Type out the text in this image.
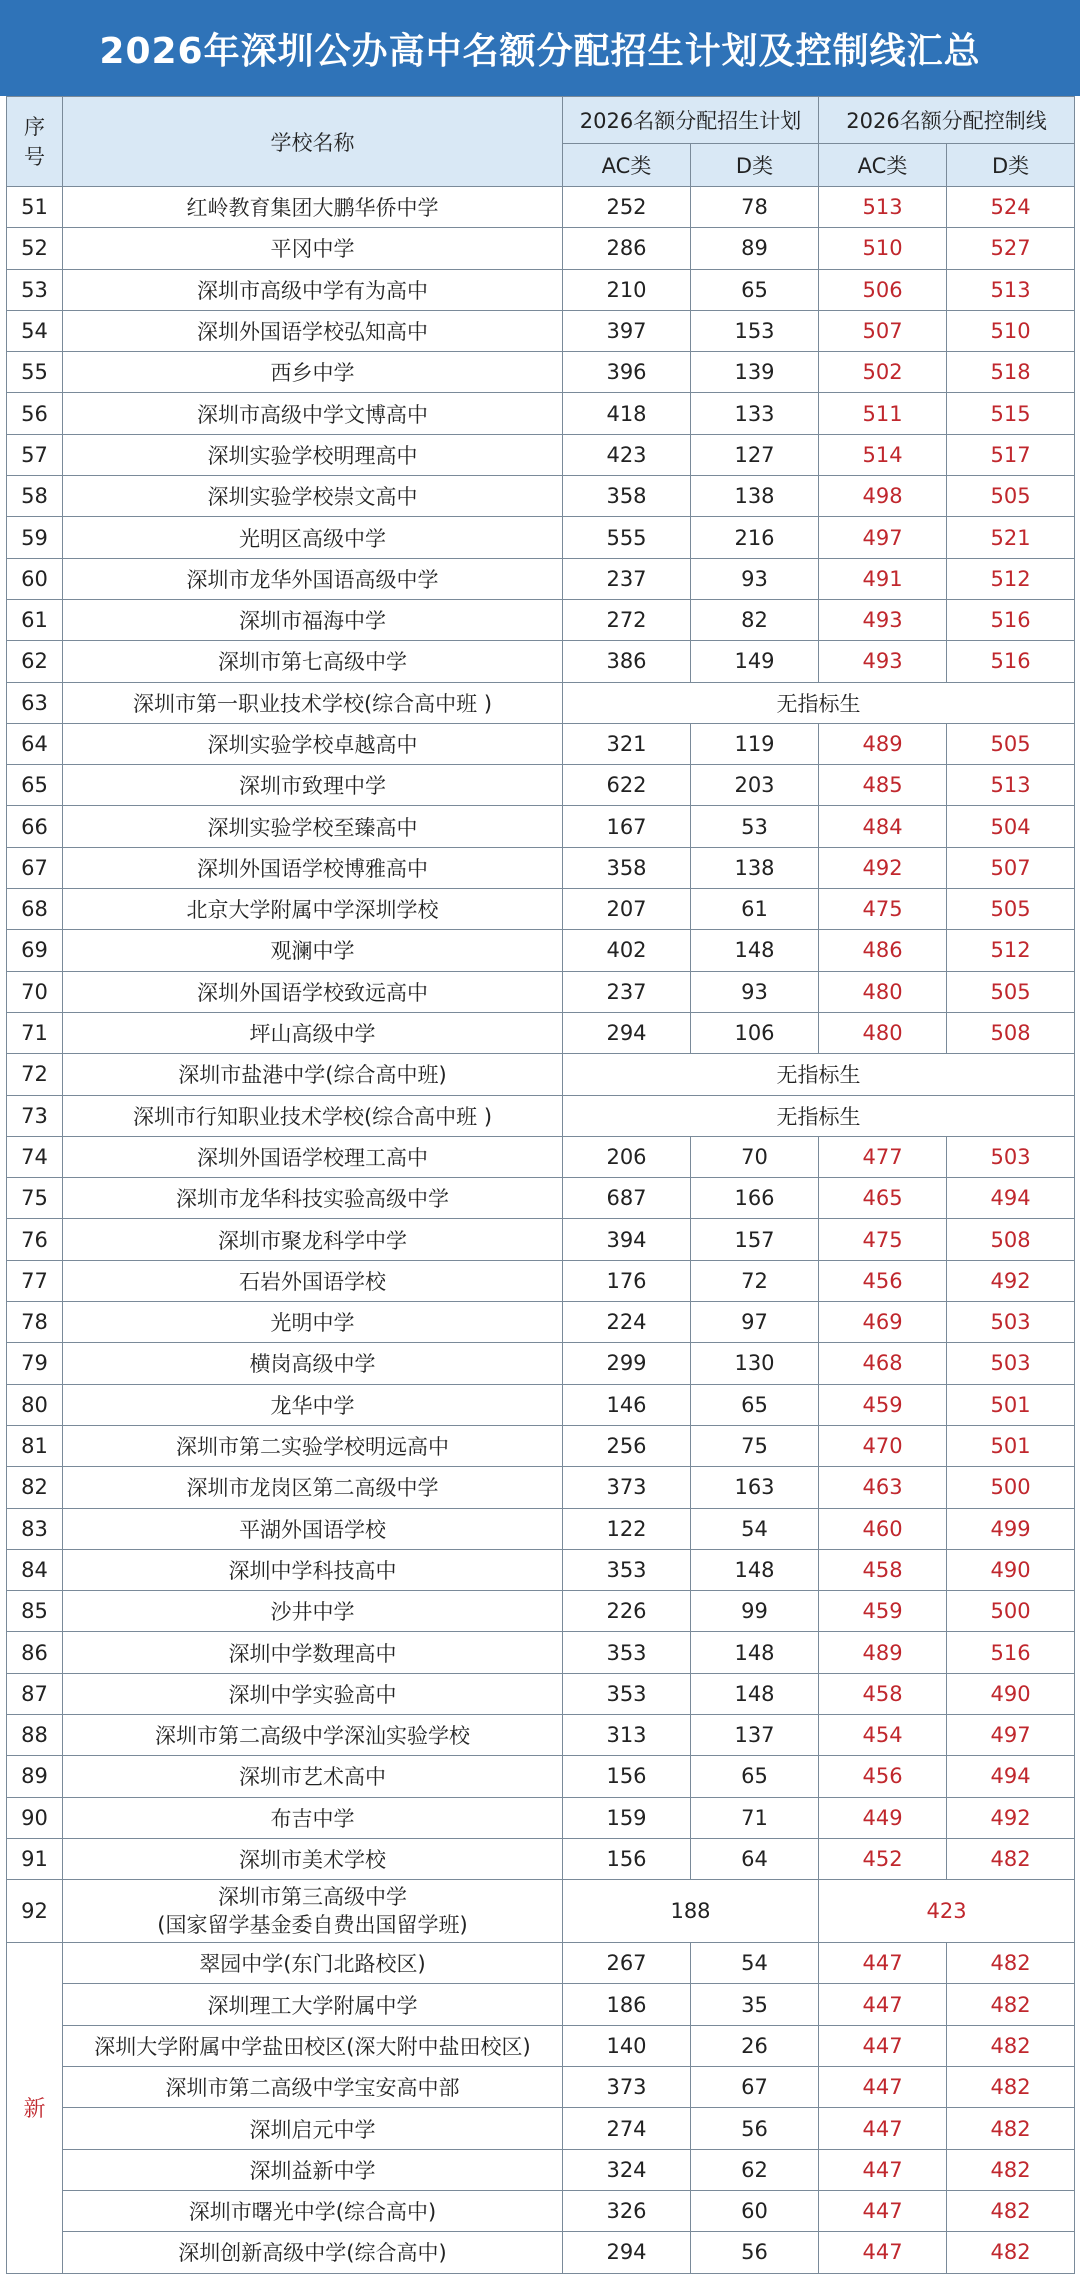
2026年深圳公办高中名额分配招生计划及控制线汇总
序
号	学校名称	2026名额分配招生计划		2026名额分配控制线	
		AC类	D类	AC类	D类
51	红岭教育集团大鹏华侨中学	252	78	513	524
52	平冈中学	286	89	510	527
53	深圳市高级中学有为高中	210	65	506	513
54	深圳外国语学校弘知高中	397	153	507	510
55	西乡中学	396	139	502	518
56	深圳市高级中学文博高中	418	133	511	515
57	深圳实验学校明理高中	423	127	514	517
58	深圳实验学校崇文高中	358	138	498	505
59	光明区高级中学	555	216	497	521
60	深圳市龙华外国语高级中学	237	93	491	512
61	深圳市福海中学	272	82	493	516
62	深圳市第七高级中学	386	149	493	516
63	深圳市第一职业技术学校(综合高中班 )	无指标生			
64	深圳实验学校卓越高中	321	119	489	505
65	深圳市致理中学	622	203	485	513
66	深圳实验学校至臻高中	167	53	484	504
67	深圳外国语学校博雅高中	358	138	492	507
68	北京大学附属中学深圳学校	207	61	475	505
69	观澜中学	402	148	486	512
70	深圳外国语学校致远高中	237	93	480	505
71	坪山高级中学	294	106	480	508
72	深圳市盐港中学(综合高中班)	无指标生			
73	深圳市行知职业技术学校(综合高中班 )	无指标生			
74	深圳外国语学校理工高中	206	70	477	503
75	深圳市龙华科技实验高级中学	687	166	465	494
76	深圳市聚龙科学中学	394	157	475	508
77	石岩外国语学校	176	72	456	492
78	光明中学	224	97	469	503
79	横岗高级中学	299	130	468	503
80	龙华中学	146	65	459	501
81	深圳市第二实验学校明远高中	256	75	470	501
82	深圳市龙岗区第二高级中学	373	163	463	500
83	平湖外国语学校	122	54	460	499
84	深圳中学科技高中	353	148	458	490
85	沙井中学	226	99	459	500
86	深圳中学数理高中	353	148	489	516
87	深圳中学实验高中	353	148	458	490
88	深圳市第二高级中学深汕实验学校	313	137	454	497
89	深圳市艺术高中	156	65	456	494
90	布吉中学	159	71	449	492
91	深圳市美术学校	156	64	452	482
92	深圳市第三高级中学
(国家留学基金委自费出国留学班)	188		423	
新	翠园中学(东门北路校区)	267	54	447	482
	深圳理工大学附属中学	186	35	447	482
	深圳大学附属中学盐田校区(深大附中盐田校区)	140	26	447	482
	深圳市第二高级中学宝安高中部	373	67	447	482
	深圳启元中学	274	56	447	482
	深圳益新中学	324	62	447	482
	深圳市曙光中学(综合高中)	326	60	447	482
	深圳创新高级中学(综合高中)	294	56	447	482
